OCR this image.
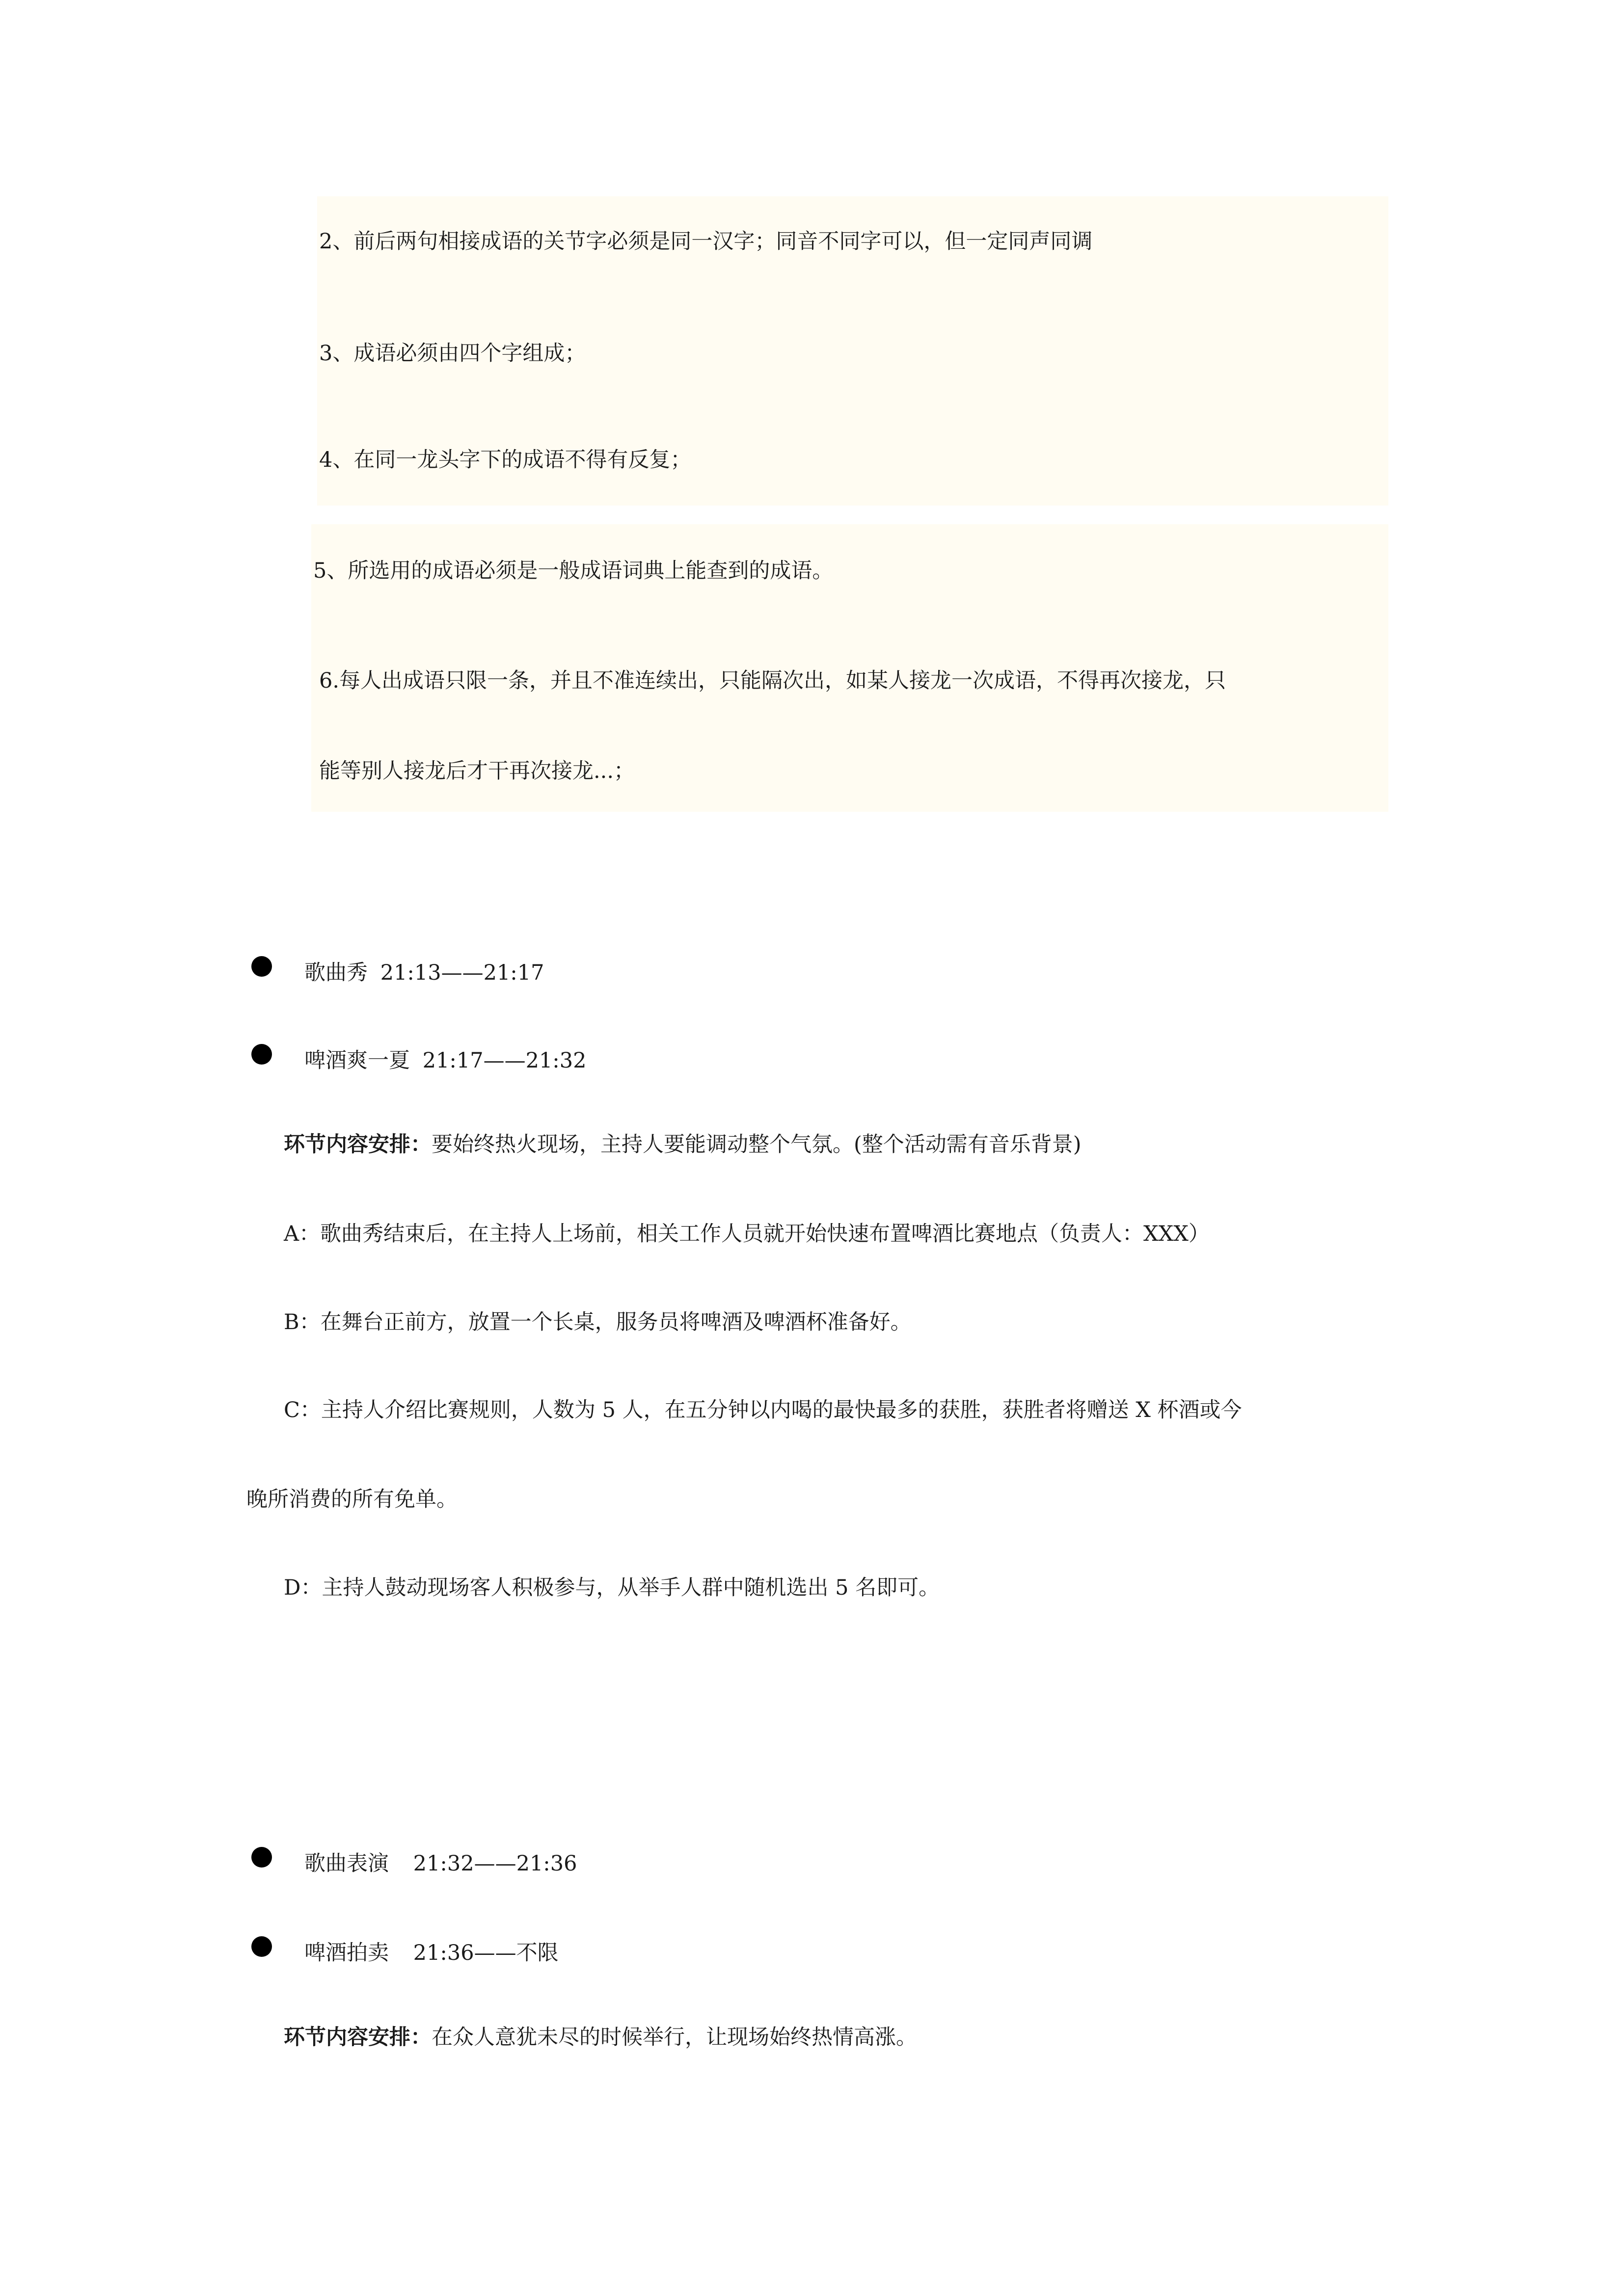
2、前后两句相接成语的关节字必须是同一汉字；同音不同字可以，但一定同声同调
3、成语必须由四个字组成；
4、在同一龙头字下的成语不得有反复；
5、所选用的成语必须是一般成语词典上能查到的成语。
6.每人出成语只限一条，并且不准连续出，只能隔次出，如某人接龙一次成语，不得再次接龙，只
能等别人接龙后才干再次接龙...；
歌曲秀 21:13——21:17
啤酒爽一夏 21:17——21:32
环节内容安排：要始终热火现场，主持人要能调动整个气氛。(整个活动需有音乐背景)
A：歌曲秀结束后，在主持人上场前，相关工作人员就开始快速布置啤酒比赛地点（负责人：XXX）
B：在舞台正前方，放置一个长桌，服务员将啤酒及啤酒杯准备好。
C：主持人介绍比赛规则，人数为 5 人，在五分钟以内喝的最快最多的获胜，获胜者将赠送 X 杯酒或今
晚所消费的所有免单。
D：主持人鼓动现场客人积极参与，从举手人群中随机选出 5 名即可。
歌曲表演 21:32——21:36
啤酒拍卖 21:36——不限
环节内容安排：在众人意犹未尽的时候举行，让现场始终热情高涨。
